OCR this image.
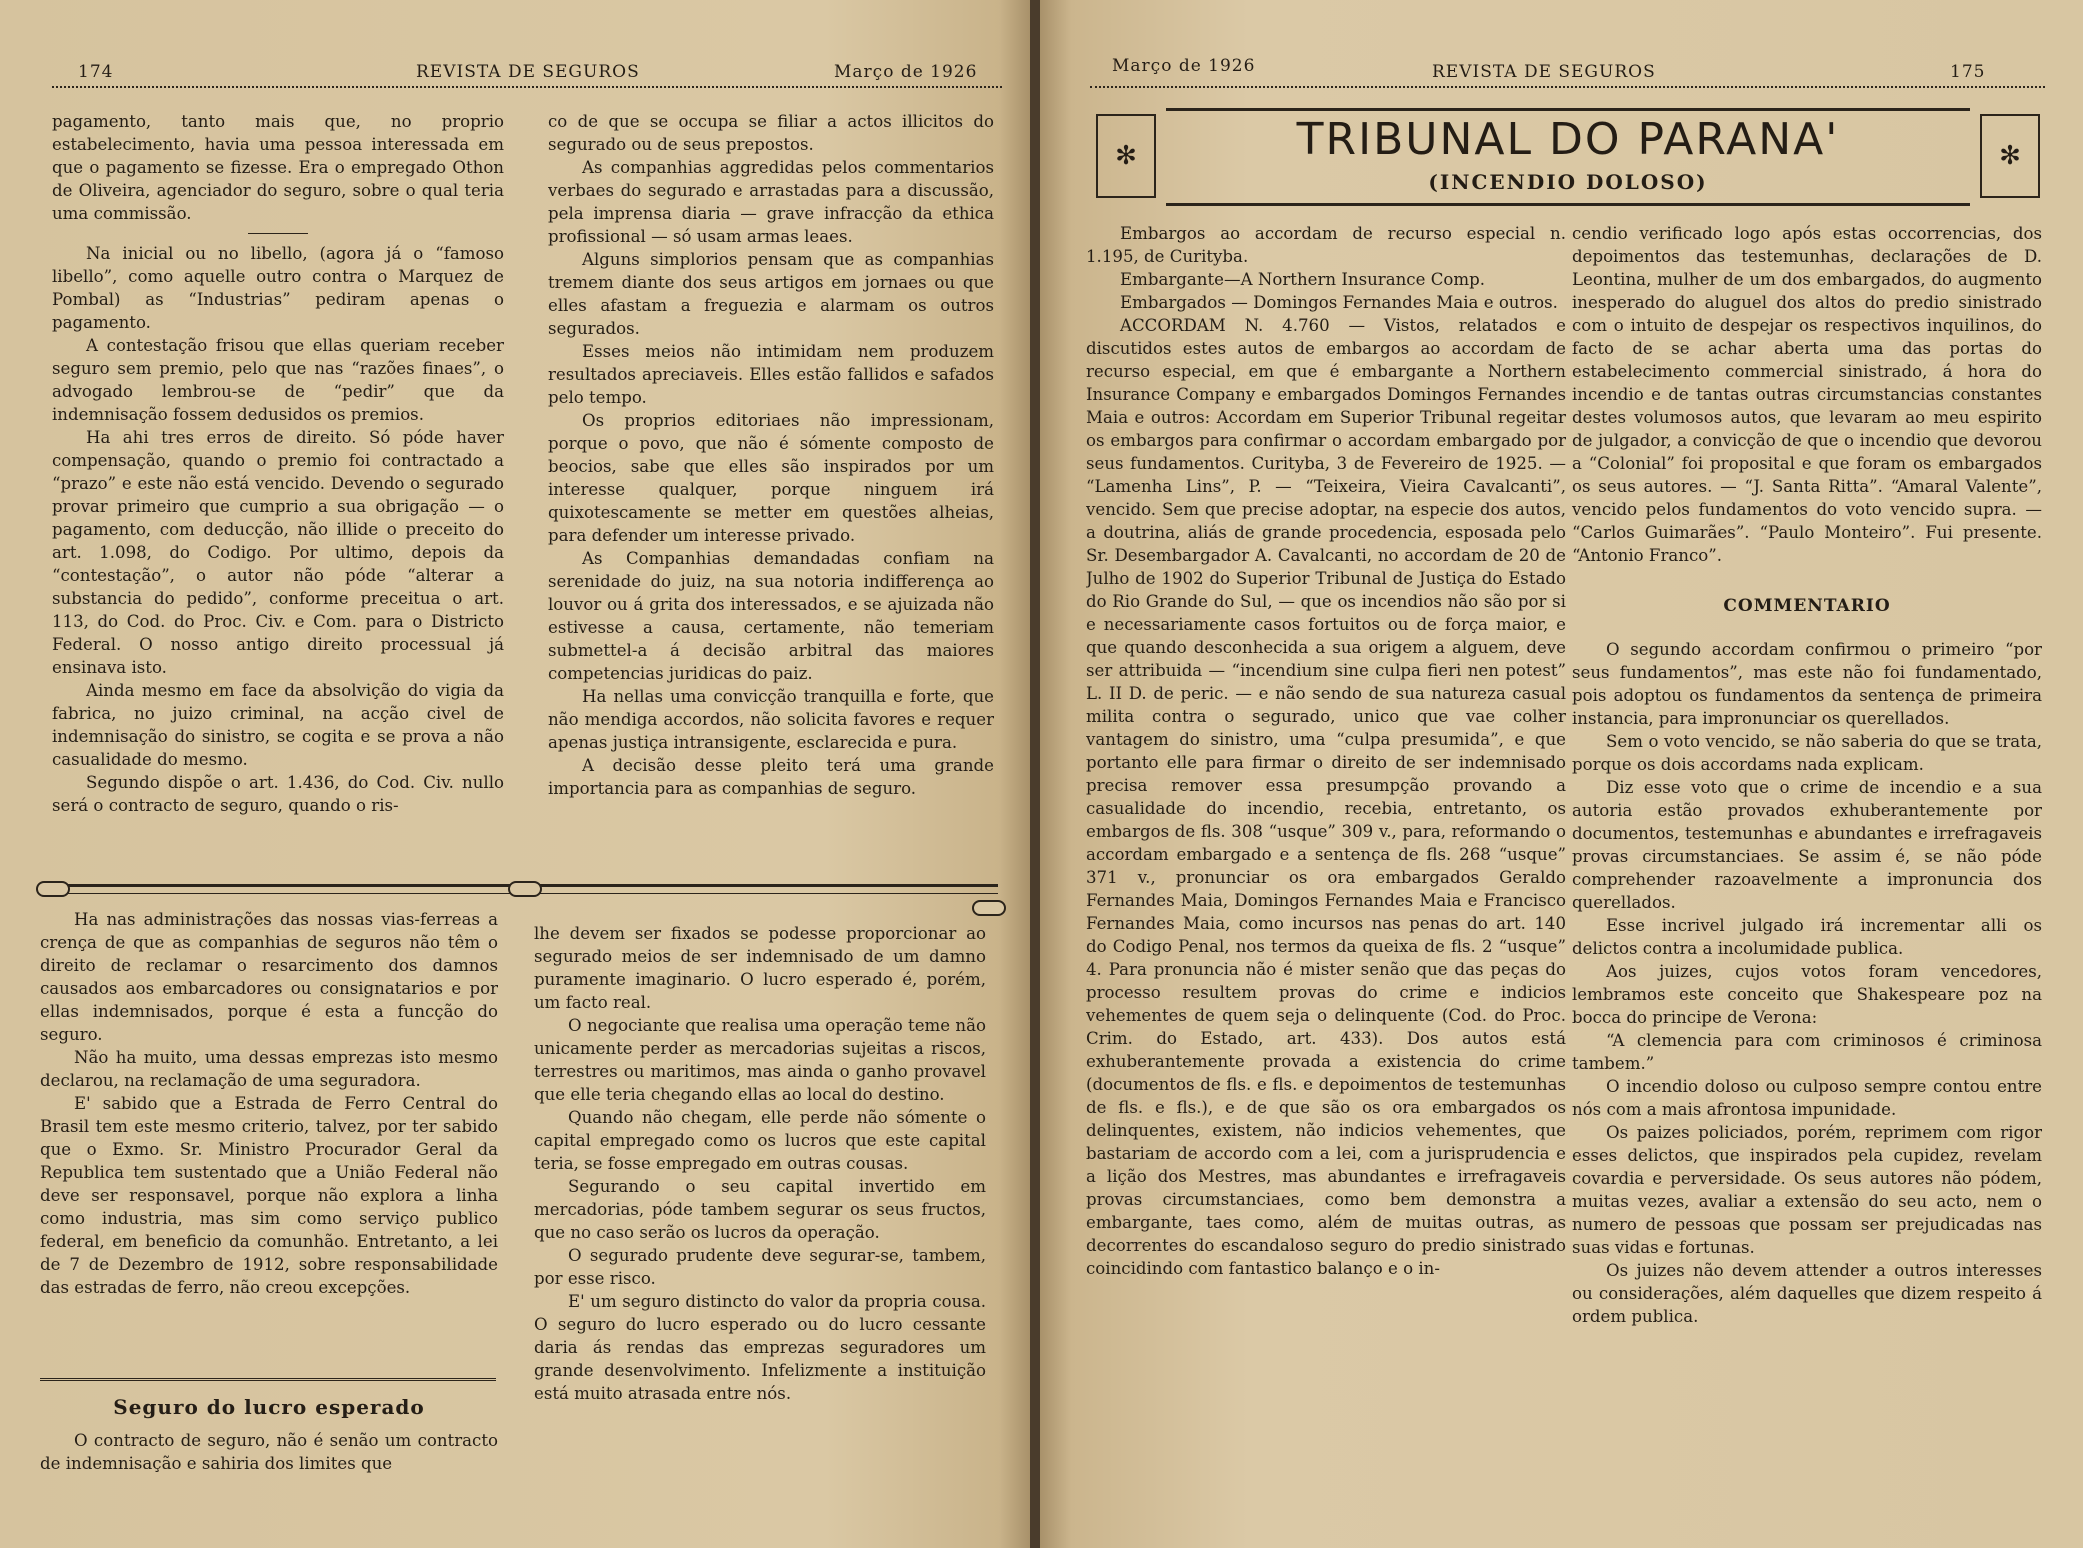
174	REVISTA DE SEGUROS	Março de 1926

pagamento, tanto mais que, no proprio estabelecimento, havia uma pessoa interessada em que o pagamento se fizesse. Era o empregado Othon de Oliveira, agenciador do seguro, sobre o qual teria uma commissão.

Na inicial ou no libello, (agora já o “famoso libello”, como aquelle outro contra o Marquez de Pombal) as “Industrias” pediram apenas o pagamento.

A contestação frisou que ellas queriam receber seguro sem premio, pelo que nas “razões finaes”, o advogado lembrou-se de “pedir” que da indemnisação fossem dedusidos os premios.

Ha ahi tres erros de direito. Só póde haver compensação, quando o premio foi contractado a “prazo” e este não está vencido. Devendo o segurado provar primeiro que cumprio a sua obrigação — o pagamento, com deducção, não illide o preceito do art. 1.098, do Codigo. Por ultimo, depois da “contestação”, o autor não póde “alterar a substancia do pedido”, conforme preceitua o art. 113, do Cod. do Proc. Civ. e Com. para o Districto Federal. O nosso antigo direito processual já ensinava isto.

Ainda mesmo em face da absolvição do vigia da fabrica, no juizo criminal, na acção civel de indemnisação do sinistro, se cogita e se prova a não casualidade do mesmo.

Segundo dispõe o art. 1.436, do Cod. Civ. nullo será o contracto de seguro, quando o ris-

co de que se occupa se filiar a actos illicitos do segurado ou de seus prepostos.

As companhias aggredidas pelos commentarios verbaes do segurado e arrastadas para a discussão, pela imprensa diaria — grave infracção da ethica profissional — só usam armas leaes.

Alguns simplorios pensam que as companhias tremem diante dos seus artigos em jornaes ou que elles afastam a freguezia e alarmam os outros segurados.

Esses meios não intimidam nem produzem resultados apreciaveis. Elles estão fallidos e safados pelo tempo.

Os proprios editoriaes não impressionam, porque o povo, que não é sómente composto de beocios, sabe que elles são inspirados por um interesse qualquer, porque ninguem irá quixotescamente se metter em questões alheias, para defender um interesse privado.

As Companhias demandadas confiam na serenidade do juiz, na sua notoria indifferença ao louvor ou á grita dos interessados, e se ajuizada não estivesse a causa, certamente, não temeriam submettel-a á decisão arbitral das maiores competencias juridicas do paiz.

Ha nellas uma convicção tranquilla e forte, que não mendiga accordos, não solicita favores e requer apenas justiça intransigente, esclarecida e pura.

A decisão desse pleito terá uma grande importancia para as companhias de seguro.

Ha nas administrações das nossas vias-ferreas a crença de que as companhias de seguros não têm o direito de reclamar o resarcimento dos damnos causados aos embarcadores ou consignatarios e por ellas indemnisados, porque é esta a funcção do seguro.

Não ha muito, uma dessas emprezas isto mesmo declarou, na reclamação de uma seguradora.

E' sabido que a Estrada de Ferro Central do Brasil tem este mesmo criterio, talvez, por ter sabido que o Exmo. Sr. Ministro Procurador Geral da Republica tem sustentado que a União Federal não deve ser responsavel, porque não explora a linha como industria, mas sim como serviço publico federal, em beneficio da comunhão. Entretanto, a lei de 7 de Dezembro de 1912, sobre responsabilidade das estradas de ferro, não creou excepções.

Seguro do lucro esperado

O contracto de seguro, não é senão um contracto de indemnisação e sahiria dos limites que

lhe devem ser fixados se podesse proporcionar ao segurado meios de ser indemnisado de um damno puramente imaginario. O lucro esperado é, porém, um facto real.

O negociante que realisa uma operação teme não unicamente perder as mercadorias sujeitas a riscos, terrestres ou maritimos, mas ainda o ganho provavel que elle teria chegando ellas ao local do destino.

Quando não chegam, elle perde não sómente o capital empregado como os lucros que este capital teria, se fosse empregado em outras cousas.

Segurando o seu capital invertido em mercadorias, póde tambem segurar os seus fructos, que no caso serão os lucros da operação.

O segurado prudente deve segurar-se, tambem, por esse risco.

E' um seguro distincto do valor da propria cousa. O seguro do lucro esperado ou do lucro cessante daria ás rendas das emprezas seguradores um grande desenvolvimento. Infelizmente a instituição está muito atrasada entre nós.

Março de 1926	REVISTA DE SEGUROS	175
✻	✻
TRIBUNAL DO PARANA'
(INCENDIO DOLOSO)

Embargos ao accordam de recurso especial n. 1.195, de Curityba.

Embargante—A Northern Insurance Comp.

Embargados — Domingos Fernandes Maia e outros.

ACCORDAM N. 4.760 — Vistos, relatados e discutidos estes autos de embargos ao accordam de recurso especial, em que é embargante a Northern Insurance Company e embargados Domingos Fernandes Maia e outros: Accordam em Superior Tribunal regeitar os embargos para confirmar o accordam embargado por seus fundamentos. Curityba, 3 de Fevereiro de 1925. — “Lamenha Lins”, P. — “Teixeira, Vieira Cavalcanti”, vencido. Sem que precise adoptar, na especie dos autos, a doutrina, aliás de grande procedencia, esposada pelo Sr. Desembargador A. Cavalcanti, no accordam de 20 de Julho de 1902 do Superior Tribunal de Justiça do Estado do Rio Grande do Sul, — que os incendios não são por si e necessariamente casos fortuitos ou de força maior, e que quando desconhecida a sua origem a alguem, deve ser attribuida — “incendium sine culpa fieri nen potest” L. II D. de peric. — e não sendo de sua natureza casual milita contra o segurado, unico que vae colher vantagem do sinistro, uma “culpa presumida”, e que portanto elle para firmar o direito de ser indemnisado precisa remover essa presumpção provando a casualidade do incendio, recebia, entretanto, os embargos de fls. 308 “usque” 309 v., para, reformando o accordam embargado e a sentença de fls. 268 “usque” 371 v., pronunciar os ora embargados Geraldo Fernandes Maia, Domingos Fernandes Maia e Francisco Fernandes Maia, como incursos nas penas do art. 140 do Codigo Penal, nos termos da queixa de fls. 2 “usque” 4. Para pronuncia não é mister senão que das peças do processo resultem provas do crime e indicios vehementes de quem seja o delinquente (Cod. do Proc. Crim. do Estado, art. 433). Dos autos está exhuberantemente provada a existencia do crime (documentos de fls. e fls. e depoimentos de testemunhas de fls. e fls.), e de que são os ora embargados os delinquentes, existem, não indicios vehementes, que bastariam de accordo com a lei, com a jurisprudencia e a lição dos Mestres, mas abundantes e irrefragaveis provas circumstanciaes, como bem demonstra a embargante, taes como, além de muitas outras, as decorrentes do escandaloso seguro do predio sinistrado coincidindo com fantastico balanço e o in-

cendio verificado logo após estas occorrencias, dos depoimentos das testemunhas, declarações de D. Leontina, mulher de um dos embargados, do augmento inesperado do aluguel dos altos do predio sinistrado com o intuito de despejar os respectivos inquilinos, do facto de se achar aberta uma das portas do estabelecimento commercial sinistrado, á hora do incendio e de tantas outras circumstancias constantes destes volumosos autos, que levaram ao meu espirito de julgador, a convicção de que o incendio que devorou a “Colonial” foi proposital e que foram os embargados os seus autores. — “J. Santa Ritta”. “Amaral Valente”, vencido pelos fundamentos do voto vencido supra. — “Carlos Guimarães”. “Paulo Monteiro”. Fui presente. “Antonio Franco”.

COMMENTARIO

O segundo accordam confirmou o primeiro “por seus fundamentos”, mas este não foi fundamentado, pois adoptou os fundamentos da sentença de primeira instancia, para impronunciar os querellados.

Sem o voto vencido, se não saberia do que se trata, porque os dois accordams nada explicam.

Diz esse voto que o crime de incendio e a sua autoria estão provados exhuberantemente por documentos, testemunhas e abundantes e irrefragaveis provas circumstanciaes. Se assim é, se não póde comprehender razoavelmente a impronuncia dos querellados.

Esse incrivel julgado irá incrementar alli os delictos contra a incolumidade publica.

Aos juizes, cujos votos foram vencedores, lembramos este conceito que Shakespeare poz na bocca do principe de Verona:

“A clemencia para com criminosos é criminosa tambem.”

O incendio doloso ou culposo sempre contou entre nós com a mais afrontosa impunidade.

Os paizes policiados, porém, reprimem com rigor esses delictos, que inspirados pela cupidez, revelam covardia e perversidade. Os seus autores não pódem, muitas vezes, avaliar a extensão do seu acto, nem o numero de pessoas que possam ser prejudicadas nas suas vidas e fortunas.

Os juizes não devem attender a outros interesses ou considerações, além daquelles que dizem respeito á ordem publica.
